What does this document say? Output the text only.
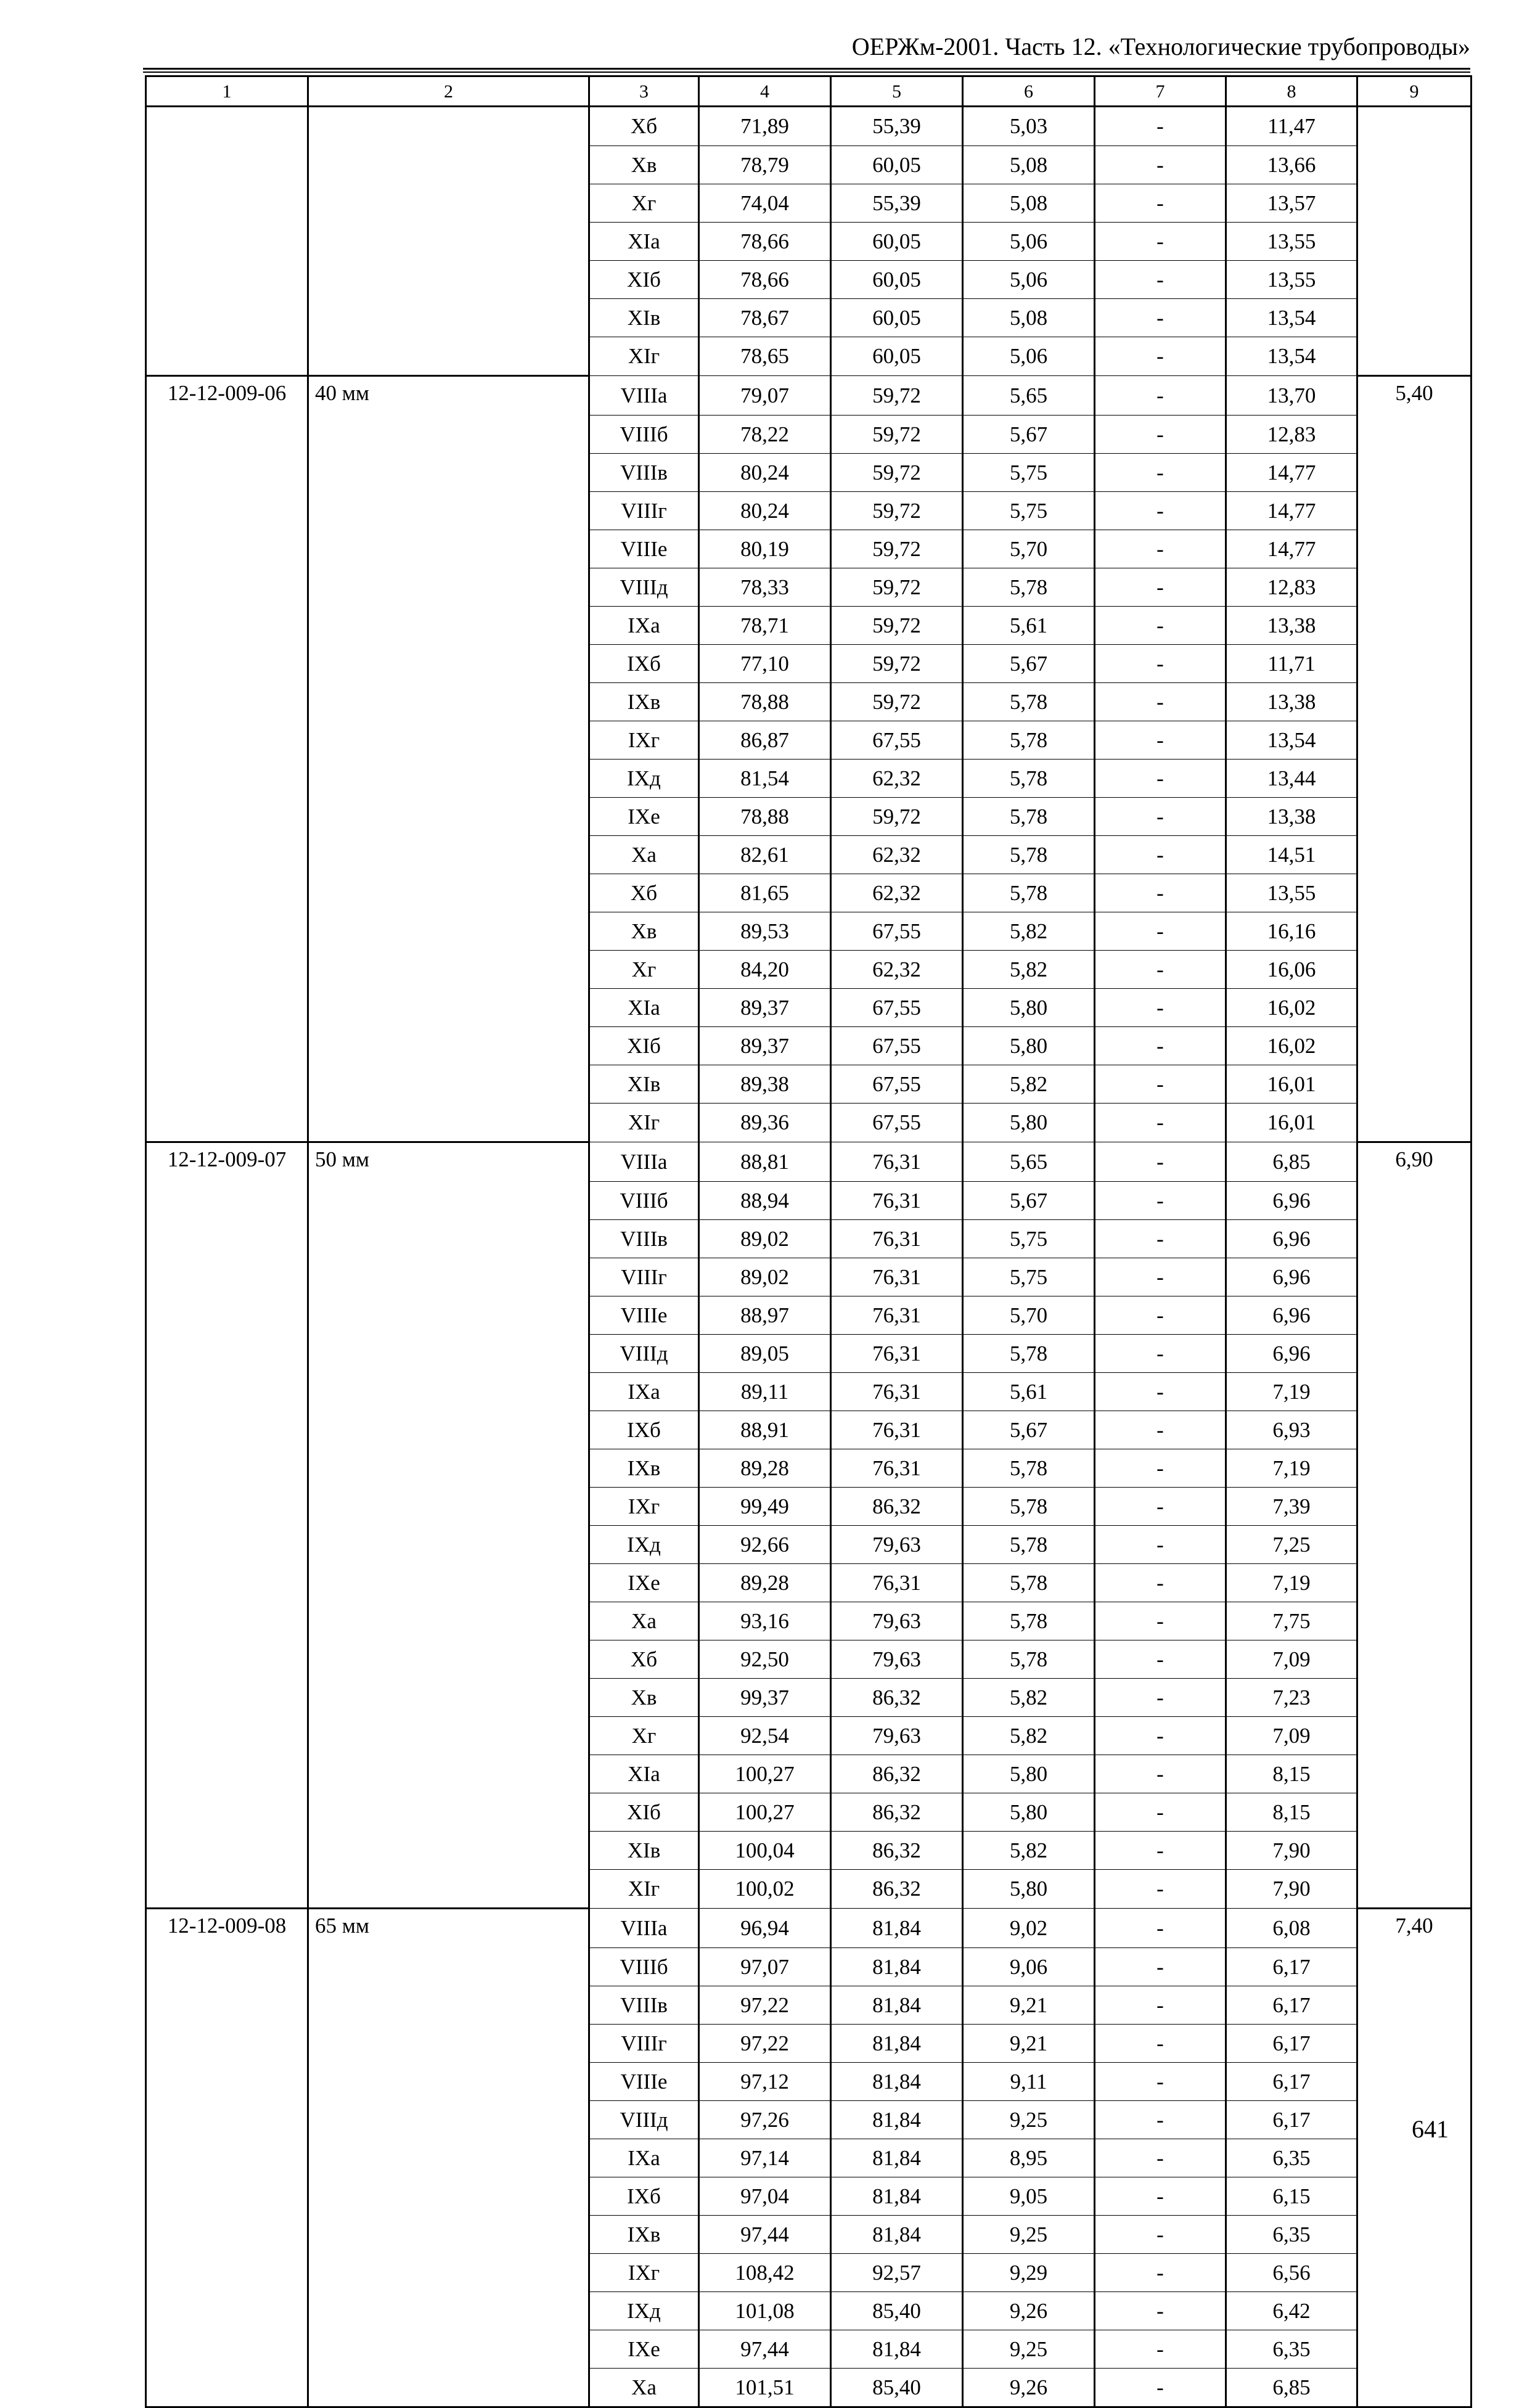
ОЕРЖм-2001. Часть 12. «Технологические трубопроводы»
1	2	3	4	5	6	7	8	9
		Xб	71,89	55,39	5,03	-	11,47	
		Xв	78,79	60,05	5,08	-	13,66	
		Xг	74,04	55,39	5,08	-	13,57	
		XIa	78,66	60,05	5,06	-	13,55	
		XIб	78,66	60,05	5,06	-	13,55	
		XIв	78,67	60,05	5,08	-	13,54	
		XIг	78,65	60,05	5,06	-	13,54	
12-12-009-06	40 мм	VIIIa	79,07	59,72	5,65	-	13,70	5,40
		VIIIб	78,22	59,72	5,67	-	12,83	
		VIIIв	80,24	59,72	5,75	-	14,77	
		VIIIг	80,24	59,72	5,75	-	14,77	
		VIIIe	80,19	59,72	5,70	-	14,77	
		VIIIд	78,33	59,72	5,78	-	12,83	
		IXa	78,71	59,72	5,61	-	13,38	
		IXб	77,10	59,72	5,67	-	11,71	
		IXв	78,88	59,72	5,78	-	13,38	
		IXг	86,87	67,55	5,78	-	13,54	
		IXд	81,54	62,32	5,78	-	13,44	
		IXe	78,88	59,72	5,78	-	13,38	
		Xa	82,61	62,32	5,78	-	14,51	
		Xб	81,65	62,32	5,78	-	13,55	
		Xв	89,53	67,55	5,82	-	16,16	
		Xг	84,20	62,32	5,82	-	16,06	
		XIa	89,37	67,55	5,80	-	16,02	
		XIб	89,37	67,55	5,80	-	16,02	
		XIв	89,38	67,55	5,82	-	16,01	
		XIг	89,36	67,55	5,80	-	16,01	
12-12-009-07	50 мм	VIIIa	88,81	76,31	5,65	-	6,85	6,90
		VIIIб	88,94	76,31	5,67	-	6,96	
		VIIIв	89,02	76,31	5,75	-	6,96	
		VIIIг	89,02	76,31	5,75	-	6,96	
		VIIIe	88,97	76,31	5,70	-	6,96	
		VIIIд	89,05	76,31	5,78	-	6,96	
		IXa	89,11	76,31	5,61	-	7,19	
		IXб	88,91	76,31	5,67	-	6,93	
		IXв	89,28	76,31	5,78	-	7,19	
		IXг	99,49	86,32	5,78	-	7,39	
		IXд	92,66	79,63	5,78	-	7,25	
		IXe	89,28	76,31	5,78	-	7,19	
		Xa	93,16	79,63	5,78	-	7,75	
		Xб	92,50	79,63	5,78	-	7,09	
		Xв	99,37	86,32	5,82	-	7,23	
		Xг	92,54	79,63	5,82	-	7,09	
		XIa	100,27	86,32	5,80	-	8,15	
		XIб	100,27	86,32	5,80	-	8,15	
		XIв	100,04	86,32	5,82	-	7,90	
		XIг	100,02	86,32	5,80	-	7,90	
12-12-009-08	65 мм	VIIIa	96,94	81,84	9,02	-	6,08	7,40
		VIIIб	97,07	81,84	9,06	-	6,17	
		VIIIв	97,22	81,84	9,21	-	6,17	
		VIIIг	97,22	81,84	9,21	-	6,17	
		VIIIe	97,12	81,84	9,11	-	6,17	
		VIIIд	97,26	81,84	9,25	-	6,17	
		IXa	97,14	81,84	8,95	-	6,35	
		IXб	97,04	81,84	9,05	-	6,15	
		IXв	97,44	81,84	9,25	-	6,35	
		IXг	108,42	92,57	9,29	-	6,56	
		IXд	101,08	85,40	9,26	-	6,42	
		IXe	97,44	81,84	9,25	-	6,35	
		Xa	101,51	85,40	9,26	-	6,85	
641
